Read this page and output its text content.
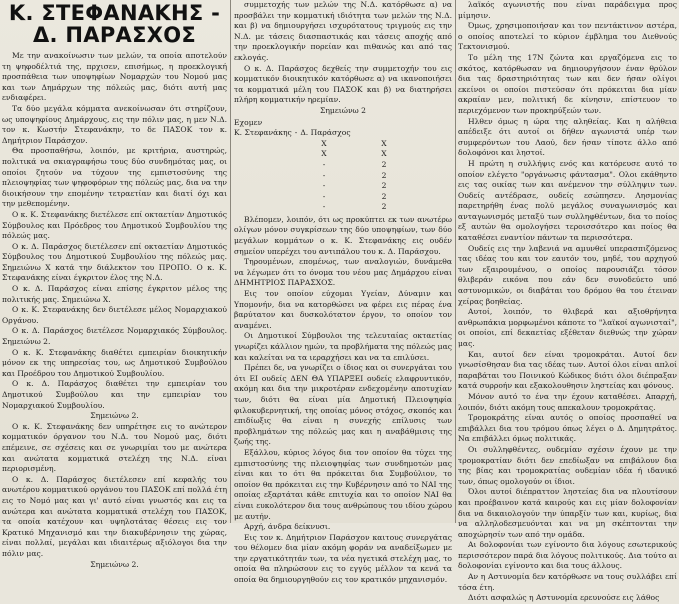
Κ. ΣΤΕΦΑΝΑΚΗΣ -
Δ. ΠΑΡΑΣΧΟΣ

Με την ανακοίνωσιν των μελών, τα οποία αποτελούν τη ψηφοδέλτιά της, πρχισεν, επισήμως, η προεκλογική προσπάθεια των υποψηφίων Νομαρχών του Νομού μας και των Δημάρχων της πόλεώς μας, διότι αυτή μας ενδιαφέρει.

Τα δύο μεγάλα κόμματα ανεκοίνωσαν ότι στηρίζουν, ως υποψηφίους Δημάρχους, εις την πόλιν μας, η μεν Ν.Δ. τον κ. Κωστήν Στεφανάκην, το δε ΠΑΣΟΚ τον κ. Δημήτριον Παράσχον.

Θα προσπαθήσω, λοιπόν, με κριτήρια, αυστηρώς, πολιτικά να σκιαγραφήσω τους δύο συνδημότας μας, οι οποίοι ζητούν να τύχουν της εμπιστοσύνης της πλειοψηφίας των ψηφοφόρων της πόλεώς μας, δια να την διοικήσουν την επομένην τετραετίαν και διατί όχι και την μεθεπομένην.

Ο κ. Κ. Στεφανάκης διετέλεσε επί οκταετίαν Δημοτικός Σύμβουλος και Πρόεδρος του Δημοτικού Συμβουλίου της πόλεώς μας.

Ο κ. Δ. Παράσχος διετέλεσεν επί οκταετίαν Δημοτικός Σύμβουλος του Δημοτικού Συμβουλίου της πόλεώς μας. Σημειώνω Χ κατά την διάλεκτον του ΠΡΟΠΟ. Ο κ. Κ. Στεφανάκης είναι έγκριτον έλος της Ν.Δ.

Ο κ. Δ. Παράσχος είναι επίσης έγκριτον μέλος της πολιτικής μας. Σημειώνω Χ.

Ο κ. Κ. Στεφανάκης δεν διετέλεσε μέλος Νομαρχιακού Οργάνου.

Ο κ. Δ. Παράσχος διετέλεσε Νομαρχιακός Σύμβουλος. Σημειώνω 2.

Ο κ. Κ. Στεφανάκης διαθέτει εμπειρίαν διοικητικήν μόνον εκ της υπηρεσίας του, ως Δημοτικού Συμβούλου και Προέδρου του Δημοτικού Συμβουλίου.

Ο κ. Δ. Παράσχος διαθέτει την εμπειρίαν του Δημοτικού Συμβούλου και την εμπειρίαν του Νομαρχιακού Συμβουλίου.

Σημειώνω 2.

Ο κ. Κ. Στεφανάκης δεν υπηρέτησε εις το ανώτερον κομματικόν όργανον του Ν.Δ. του Νομού μας, διότι επέμεινε, σε σχέσεις και σε γνωριμίαι του με ανώτερα και ανώτατα κομματικά στελέχη της Ν.Δ. είναι περιορισμένη.

Ο κ. Δ. Παράσχος διετέλεσεν επί κεφαλής του ανωτέρου κομματικού οργάνου του ΠΑΣΟΚ επί πολλά έτη εις το Νομό μας και γι' αυτό είναι γνωστός και εις τα ανώτερα και ανώτατα κομματικά στελέχη του ΠΑΣΟΚ, τα οποία κατέχουν και υψηλοτάτας θέσεις εις τον Κρατικό Μηχανισμό και την διακυβέρνησιν της χώρας, είναι πολλαί, μεγάλαι και ιδιαιτέρως αξιόλογοι δια την πόλιν μας.

Σημειώνω 2.

συμμετοχής των μελών της Ν.Δ. κατόρθωσε α) να προσβάλει την κομματική ιδιότητα των μελών της Ν.Δ. και β) να δημιουργήσει ισχυρότατους τριγμούς εις την Ν.Δ. με τάσεις διασπαστικάς και τάσεις αποχής από την προεκλογικήν πορείαν και πιθανώς και από τας εκλογάς.

Ο κ. Δ. Παράσχος δεχθείς την συμμετοχήν του εις κομματικόν διοικητικόν κατόρθωσε α) να ικανοποιήσει τα κομματικά μέλη του ΠΑΣΟΚ και β) να διατηρήσει πλήρη κομματικήν ηρεμίαν.

Σημειώνω 2

Εχομεν

Κ. Στεφανάκης - Δ. Παράσχος
Χ	Χ
Χ	Χ
-	2
-	2
-	2
-	2
-	2

Βλέπομεν, λοιπόν, ότι ως προκύπτει εκ των ανωτέρω ολίγων μόνον συγκρίσεων της δύο υποψηφίων, των δύο μεγάλων κομμάτων ο κ. Κ. Στεφανάκης εις ουδέν σημείον υπερέχει του αντιπάλου του κ. Δ. Παράσχου.

Τηρουμένων, επομένως, των αναλογιών, δυνάμεθα να λέγωμεν ότι το όνομα του νέου μας Δημάρχου είναι ΔΗΜΗΤΡΙΟΣ ΠΑΡΑΣΧΟΣ.

Εις τον οποίον εύχομαι Υγείαν, Δύναμιν και Υπομονήν, δια να κατορθώσει να φέρει εις πέρας ένα βαρύτατον και δυσκολότατον έργον, το οποίον τον αναμένει.

Οι Δημοτικοί Σύμβουλοι της τελευταίας οκταετίας γνωρίζει κάλλιον ημών, τα προβλήματα της πόλεώς μας και καλείται να τα ιεραρχήσει και να τα επιλύσει.

Πρέπει δε, να γνωρίζει ο ίδιος και οι συνεργάται του ότι ΕΙ ουδείς ΔΕΝ ΘΑ ΥΠΑΡΞΕΙ ουδείς ελαφρυντικόν, ακόμη και δια την μικροτέραν ενδεχομένην αποτυχίαν των, διότι θα είναι μία Δημοτική Πλειοψηφία φιλοκυβερνητική, της οποίας μόνος στόχος, σκοπός και επιδίωξις θα είναι η συνεχής επίλυσις των προβλημάτων της πόλεώς μας και η αναβάθμισις της ζωής της.

Εξάλλου, κύριος λόγος δια τον οποίον θα τύχει της εμπιστοσύνης της πλειοψηφίας των συνδημοτών μας είναι και το ότι θα πρόκειται δια Συμβούλιον, το οποίον θα πρόκειται εις την Κυβέρνησιν από το ΝΑΙ της οποίας εξαρτάται κάθε επιτυχία και το οποίον ΝΑΙ θα είναι ευκολότερον δια τους ανθρώπους του ιδίου χώρου με αυτήν.

Αρχή, άνδρα δείκνυσι.

Εις τον κ. Δημήτριον Παράσχον καιτους συνεργάτας του θέλομεν δια μίαν ακόμη φοράν να αναδείξωμεν με την εργατικότητάν των, τα νέα ηγετικά στελέχη μας, το οποία θα πληρώσουν εις το εγγύς μέλλον τα κενά τα οποία θα δημιουργηθούν εις τον κρατικόν μηχανισμόν.

λαϊκός αγωνιστής που είναι παράδειγμα προς μίμησιν.

Όμως, χρησιμοποιήσαν και τον πεντάκτινον αστέρα, ο οποίος αποτελεί το κύριον έμβλημα του Διεθνούς Τεκτονισμού.

Το μέλη της 17Ν ζώντα και εργαζόμενα εις το σκότος, κατόρθωσαν να δημιουργήσουν έναν θρύλον δια τας δραστηριότητας των και δεν ήσαν ολίγοι εκείνοι οι οποίοι πιστεύσαν ότι πρόκειται δια μίαν ακραίαν μεν, πολιτική δε κίνησιν, επίστευον το περιεχόμενον των προκηρύξεών των.

Ηλθεν όμως η ώρα της αληθείας. Και η αλήθεια απέδειξε ότι αυτοί οι δήθεν αγωνιστά υπέρ των συμφερόντων του Λαού, δεν ήσαν τίποτε άλλο από δολοφόνοι και ληστοί.

Η πρώτη η συλλήψις ενός και κατόρευσε αυτό το οποίον ελέγετο "οργάνωσις φάντασμα". Ολοι εκάθηντο εις τας οικίας των και ανέμενον την σύλληψιν των. Ουδείς αντέδρασε, ουδείς εσώπησεν. Λησμονίας παρετηρήθη ένας πολύ μεγάλος συναγωνισμός και ανταγωνισμός μεταξύ των συλληφθέντων, δια το ποίος εξ αυτών θα ομολογήσει τεροισσότερο και ποίος θα καταθέσει εναντίον πάντων τα περισσότερα.

Ουδείς εις την λαβενιά να αμυνθεί υπερασπιζόμενος τας ιδέας του και τον εαυτόν του, μηδέ, του αρχηγού των εξαιρουμένου, ο οποίος παρουσιάζει τόσον θλιβεράν εικόνα που εάν δεν συνοδεύετο υπό αστυνομικών, οι διαβάται του δρόμου θα του έτειναν χείρας βοηθείας.

Αυτοί, λοιπόν, το θλιβερά και αξιοθρήνητα ανθρωπάκια μορφωμένοι κάποτε το "λαϊκοί αγωνισταί", οι οποίοι, επί δεκαετίας εξέθεταν διεθνώς την χώραν μας.

Και, αυτοί δεν είναι τρομοκράται. Αυτοί δεν γνωσίσθησαν δια τας ιδέας των. Αυτοί όλοι είναι απλοί παραβάται του Ποινικού Κώδικος διότι όλοι διέπραξαν κατά συρροήν και εξακολουθησιν ληστείας και φόνους.

Μόνον αυτό το ένα την έχουν καταθέσει. Απαρχή, λοιπόν, διότι ακόμη τους απεκαλουν τρομοκράτας.

Τρομοκράτης είναι αυτός ο οποίος προσπαθεί να επιβάλλει δια του τρόμου όπως λέγει ο Δ. Δημητράτος. Να επιβάλλει όμως πολιτικάς.

Οι συλληφθέντες, ουδεμίαν σχέσιν έχουν με την τρομοκρατίαν διότι δεν επεδίωξαν να επιβάλουν δια της βίας και τρομοκρατίας ουδεμίαν ιδέα ή ιδανικό των, όπως ομολογούν οι ίδιοι.

Όλοι αυτοί διέπραττον ληστείας δια να πλουτίσουν και προέβαινον κατά καιρούς και εις μίαν δολοφονίαν δια να δικαιολογούν την ύπαρξίν των και, κυρίως, δια να αλληλοδεσμευόνται και να μη σκέπτονται την αποχώρησίν των από την ομάδα.

Αι δολοφονίαι των εγίνοντο δια λόγους εσωτερικούς περισσότερον παρά δια λόγους πολιτικούς. Δια τούτο αι δολοφονίαι εγίνοντο και δια τους άλλους.

Αν η Αστυνομία δεν κατόρθωσε να τους συλλάβει επί τόσα έτη.

Διότι ασφαλώς η Αστυνομία ερευνούσε εις λάθος
